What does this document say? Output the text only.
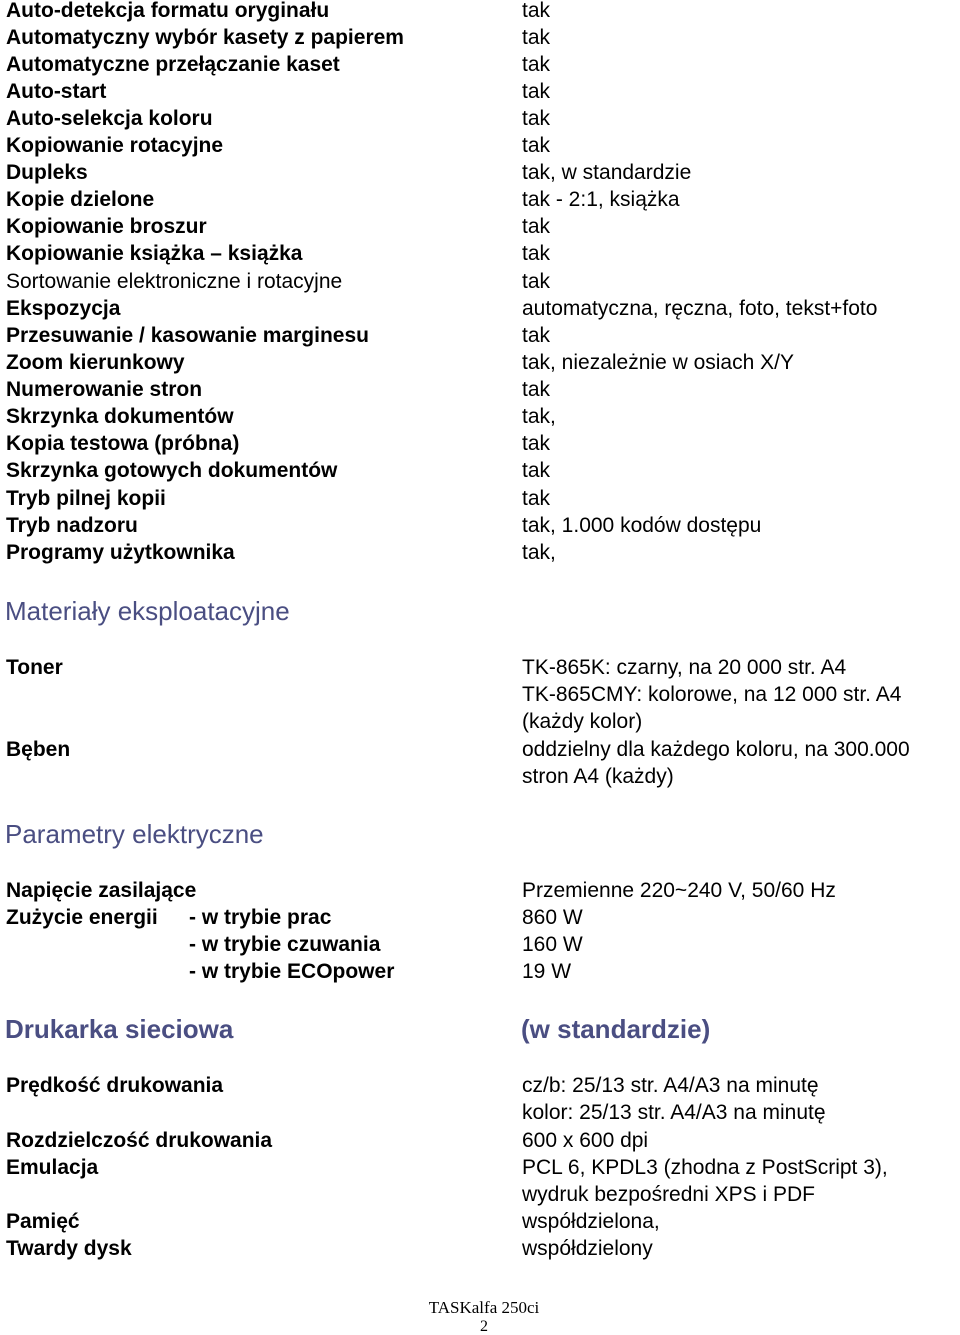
Auto-detekcja formatu oryginału	tak
Automatyczny wybór kasety z papierem	tak
Automatyczne przełączanie kaset	tak
Auto-start	tak
Auto-selekcja koloru	tak
Kopiowanie rotacyjne	tak
Dupleks	tak, w standardzie
Kopie dzielone	tak - 2:1, książka
Kopiowanie broszur	tak
Kopiowanie książka – książka	tak
Sortowanie elektroniczne i rotacyjne	tak
Ekspozycja	automatyczna, ręczna, foto, tekst+foto
Przesuwanie / kasowanie marginesu	tak
Zoom kierunkowy	tak, niezależnie w osiach X/Y
Numerowanie stron	tak
Skrzynka dokumentów	tak,
Kopia testowa (próbna)	tak
Skrzynka gotowych dokumentów	tak
Tryb pilnej kopii	tak
Tryb nadzoru	tak, 1.000 kodów dostępu
Programy użytkownika	tak,
Materiały eksploatacyjne
Toner	TK-865K: czarny, na 20 000 str. A4
TK-865CMY: kolorowe, na 12 000 str. A4
(każdy kolor)
Bęben	oddzielny dla każdego koloru, na 300.000
stron A4 (każdy)
Parametry elektryczne
Napięcie zasilające	Przemienne 220~240 V, 50/60 Hz
Zużycie energii - w trybie prac	860 W
- w trybie czuwania	160 W
- w trybie ECOpower	19 W
Drukarka sieciowa	(w standardzie)
Prędkość drukowania	cz/b: 25/13 str. A4/A3 na minutę
kolor: 25/13 str. A4/A3 na minutę
Rozdzielczość drukowania	600 x 600 dpi
Emulacja	PCL 6, KPDL3 (zhodna z PostScript 3),
wydruk bezpośredni XPS i PDF
Pamięć	współdzielona,
Twardy dysk	współdzielony
TASKalfa 250ci
2
